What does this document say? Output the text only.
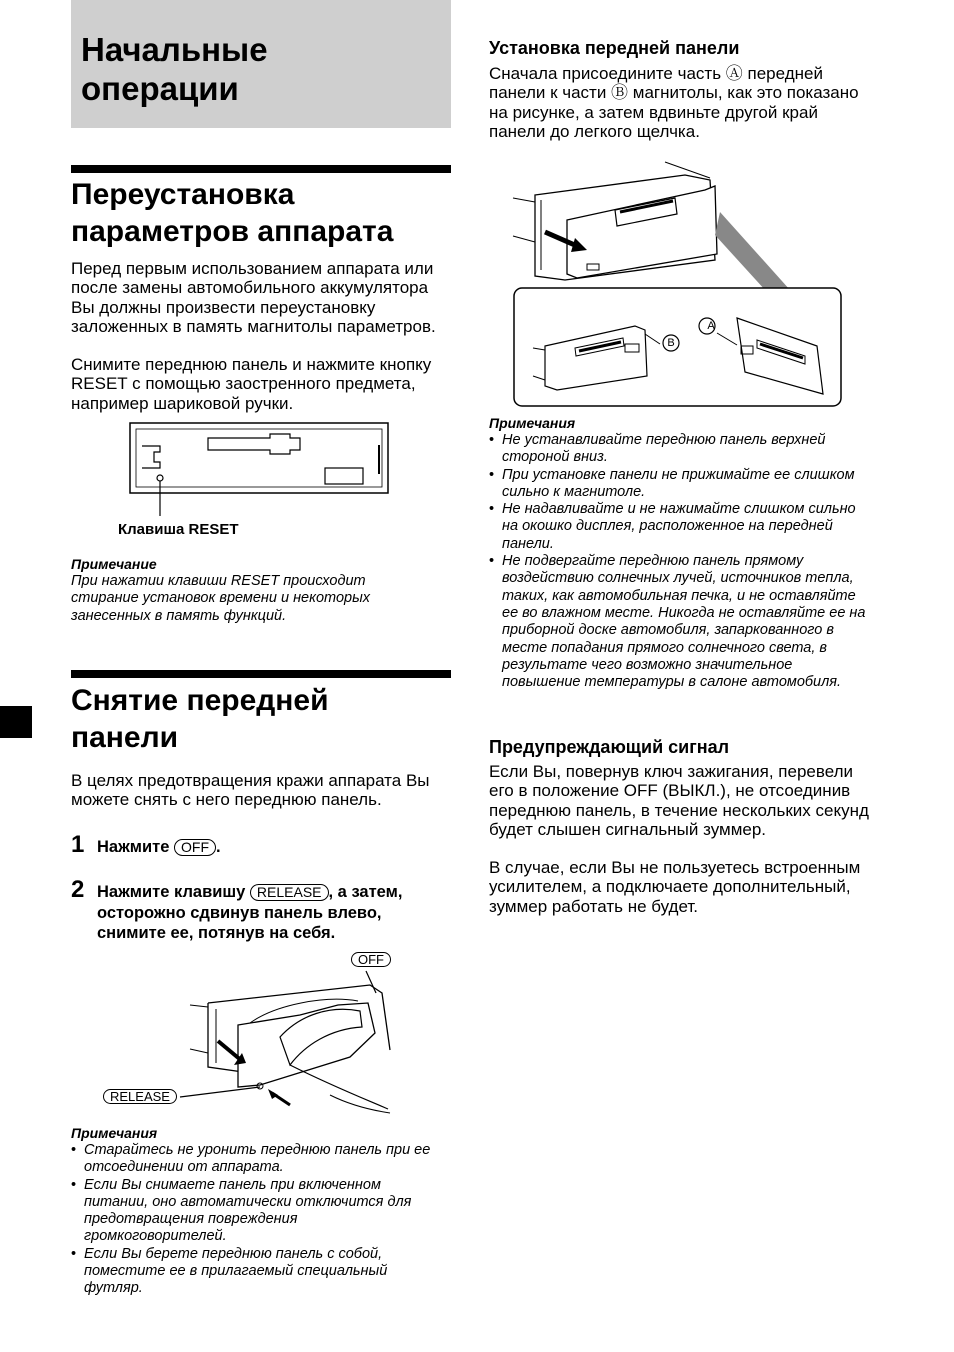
Начальные операции
Переустановка параметров аппарата

Перед первым использованием аппарата или после замены автомобильного аккумулятора Вы должны произвести переустановку заложенных в память магнитолы параметров.

Снимите переднюю панель и нажмите кнопку RESET с помощью заостренного предмета, например шариковой ручки.

Клавиша RESET
Примечание
При нажатии клавиши RESET происходит стирание установок времени и некоторых занесенных в память функций.
Снятие передней панели

В целях предотвращения кражи аппарата Вы можете снять с него переднюю панель.

1 Нажмите OFF .
2 Нажмите клавишу RELEASE , а затем, осторожно сдвинув панель влево, снимите ее, потянув на себя.
OFF
RELEASE
Примечания
• Старайтесь не уронить переднюю панель при ее отсоединении от аппарата.
• Если Вы снимаете панель при включенном питании, оно автоматически отключится для предотвращения повреждения громкоговорителей.
• Если Вы берете переднюю панель с собой, поместите ее в прилагаемый специальный футляр.
Установка передней панели

Сначала присоедините часть Ⓐ передней панели к части Ⓑ магнитолы, как это показано на рисунке, а затем вдвиньте другой край панели до легкого щелчка.

A
B
Примечания
• Не устанавливайте переднюю панель верхней стороной вниз.
• При установке панели не прижимайте ее слишком сильно к магнитоле.
• Не надавливайте и не нажимайте слишком сильно на окошко дисплея, расположенное на передней панели.
• Не подвергайте переднюю панель прямому воздействию солнечных лучей, источников тепла, таких, как автомобильная печка, и не оставляйте ее во влажном месте. Никогда не оставляйте ее на приборной доске автомобиля, запаркованного в месте попадания прямого солнечного света, в результате чего возможно значительное повышение температуры в салоне автомобиля.
Предупреждающий сигнал

Если Вы, повернув ключ зажигания, перевели его в положение OFF (ВЫКЛ.), не отсоединив переднюю панель, в течение нескольких секунд будет слышен сигнальный зуммер.

В случае, если Вы не пользуетесь встроенным усилителем, а подключаете дополнительный, зуммер работать не будет.
